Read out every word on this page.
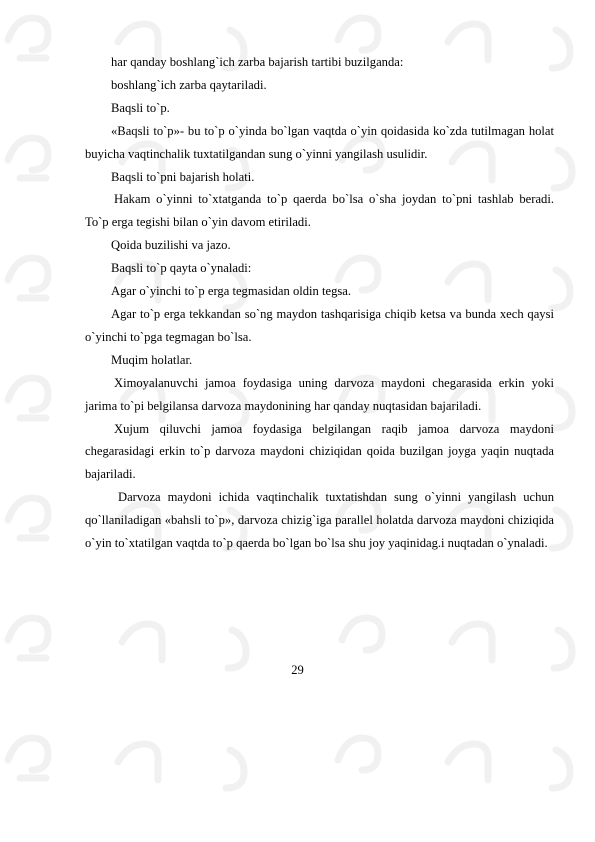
har qanday boshlang`ich zarba bajarish tartibi buzilganda:

boshlang`ich zarba qaytariladi.

Baqsli to`p.

«Baqsli to`p»- bu to`p o`yinda bo`lgan vaqtda o`yin qoidasida ko`zda tutilmagan holat buyicha vaqtinchalik tuxtatilgandan sung o`yinni yangilash usulidir.

Baqsli to`pni bajarish holati.

Hakam o`yinni to`xtatganda to`p qaerda bo`lsa o`sha joydan to`pni tashlab beradi. To`p erga tegishi bilan o`yin davom etiriladi.

Qoida buzilishi va jazo.

Baqsli to`p qayta o`ynaladi:

Agar o`yinchi to`p erga tegmasidan oldin tegsa.

Agar to`p erga tekkandan so`ng maydon tashqarisiga chiqib ketsa va bunda xech qaysi o`yinchi to`pga tegmagan bo`lsa.

Muqim holatlar.

Ximoyalanuvchi jamoa foydasiga uning darvoza maydoni chegarasida erkin yoki jarima to`pi belgilansa darvoza maydonining har qanday nuqtasidan bajariladi.

Xujum qiluvchi jamoa foydasiga belgilangan raqib jamoa darvoza maydoni chegarasidagi erkin to`p darvoza maydoni chiziqidan qoida buzilgan joyga yaqin nuqtada bajariladi.

Darvoza maydoni ichida vaqtinchalik tuxtatishdan sung o`yinni yangilash uchun qo`llaniladigan «bahsli to`p», darvoza chizig`iga parallel holatda darvoza maydoni chiziqida o`yin to`xtatilgan vaqtda to`p qaerda bo`lgan bo`lsa shu joy yaqinidag.i nuqtadan o`ynaladi.

29
